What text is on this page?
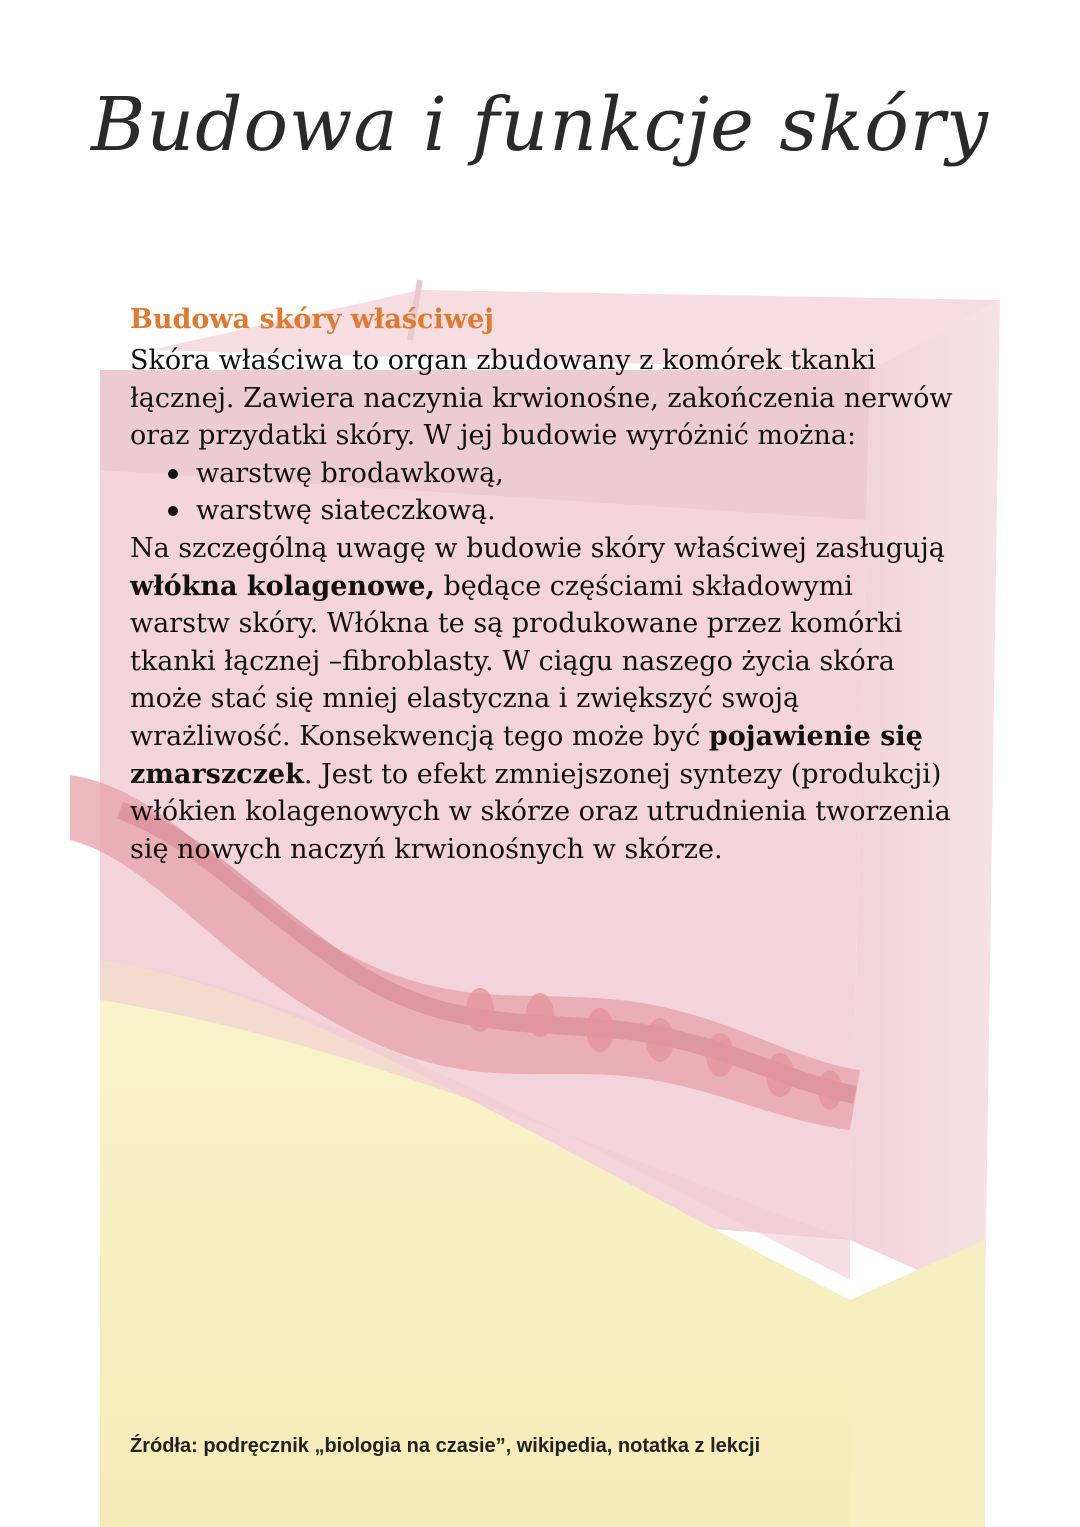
Budowa i funkcje skóry
Budowa skóry właściwej

Skóra właściwa to organ zbudowany z komórek tkanki łącznej. Zawiera naczynia krwionośne, zakończenia nerwów oraz przydatki skóry. W jej budowie wyróżnić można:

warstwę brodawkową,
warstwę siateczkową.

Na szczególną uwagę w budowie skóry właściwej zasługują włókna kolagenowe, będące częściami składowymi warstw skóry. Włókna te są produkowane przez komórki tkanki łącznej –fibroblasty. W ciągu naszego życia skóra może stać się mniej elastyczna i zwiększyć swoją wrażliwość. Konsekwencją tego może być pojawienie się zmarszczek. Jest to efekt zmniejszonej syntezy (produkcji) włókien kolagenowych w skórze oraz utrudnienia tworzenia się nowych naczyń krwionośnych w skórze.

Źródła: podręcznik „biologia na czasie”, wikipedia, notatka z lekcji
